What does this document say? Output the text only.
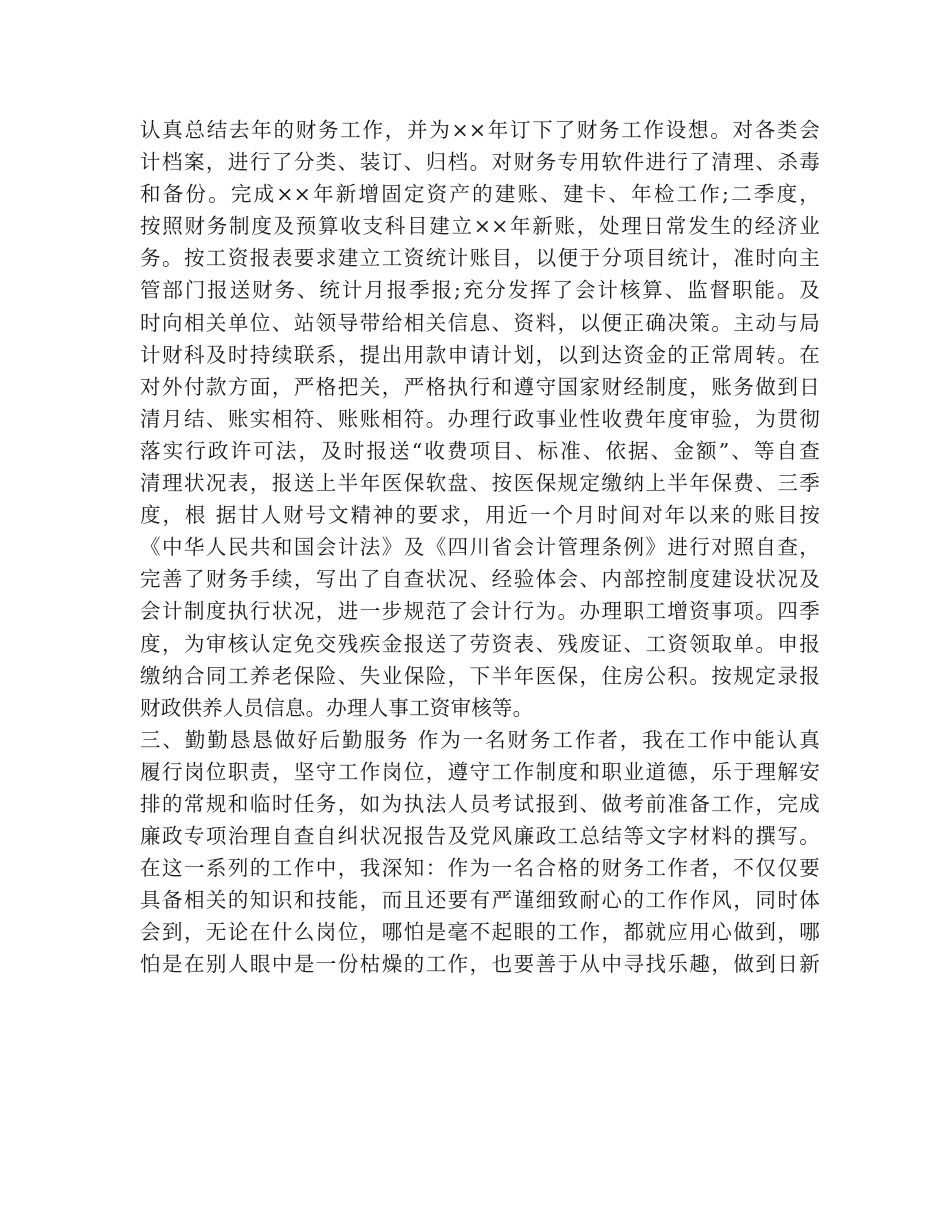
认真总结去年的财务工作，并为××年订下了财务工作设想。对各类会
计档案，进行了分类、装订、归档。对财务专用软件进行了清理、杀毒
和备份。完成××年新增固定资产的建账、建卡、年检工作;二季度，
按照财务制度及预算收支科目建立××年新账，处理日常发生的经济业
务。按工资报表要求建立工资统计账目，以便于分项目统计，准时向主
管部门报送财务、统计月报季报;充分发挥了会计核算、监督职能。及
时向相关单位、站领导带给相关信息、资料，以便正确决策。主动与局
计财科及时持续联系，提出用款申请计划，以到达资金的正常周转。在
对外付款方面，严格把关，严格执行和遵守国家财经制度，账务做到日
清月结、账实相符、账账相符。办理行政事业性收费年度审验，为贯彻
落实行政许可法，及时报送“收费项目、标准、依据、金额”、等自查
清理状况表，报送上半年医保软盘、按医保规定缴纳上半年保费、三季
度，根 据甘人财号文精神的要求，用近一个月时间对年以来的账目按
《中华人民共和国会计法》及《四川省会计管理条例》进行对照自查，
完善了财务手续，写出了自查状况、经验体会、内部控制度建设状况及
会计制度执行状况，进一步规范了会计行为。办理职工增资事项。四季
度，为审核认定免交残疾金报送了劳资表、残废证、工资领取单。申报
缴纳合同工养老保险、失业保险，下半年医保，住房公积。按规定录报
财政供养人员信息。办理人事工资审核等。
三、勤勤恳恳做好后勤服务 作为一名财务工作者，我在工作中能认真
履行岗位职责，坚守工作岗位，遵守工作制度和职业道德，乐于理解安
排的常规和临时任务，如为执法人员考试报到、做考前准备工作，完成
廉政专项治理自查自纠状况报告及党风廉政工总结等文字材料的撰写。
在这一系列的工作中，我深知：作为一名合格的财务工作者，不仅仅要
具备相关的知识和技能，而且还要有严谨细致耐心的工作作风，同时体
会到，无论在什么岗位，哪怕是毫不起眼的工作，都就应用心做到，哪
怕是在别人眼中是一份枯燥的工作，也要善于从中寻找乐趣，做到日新
